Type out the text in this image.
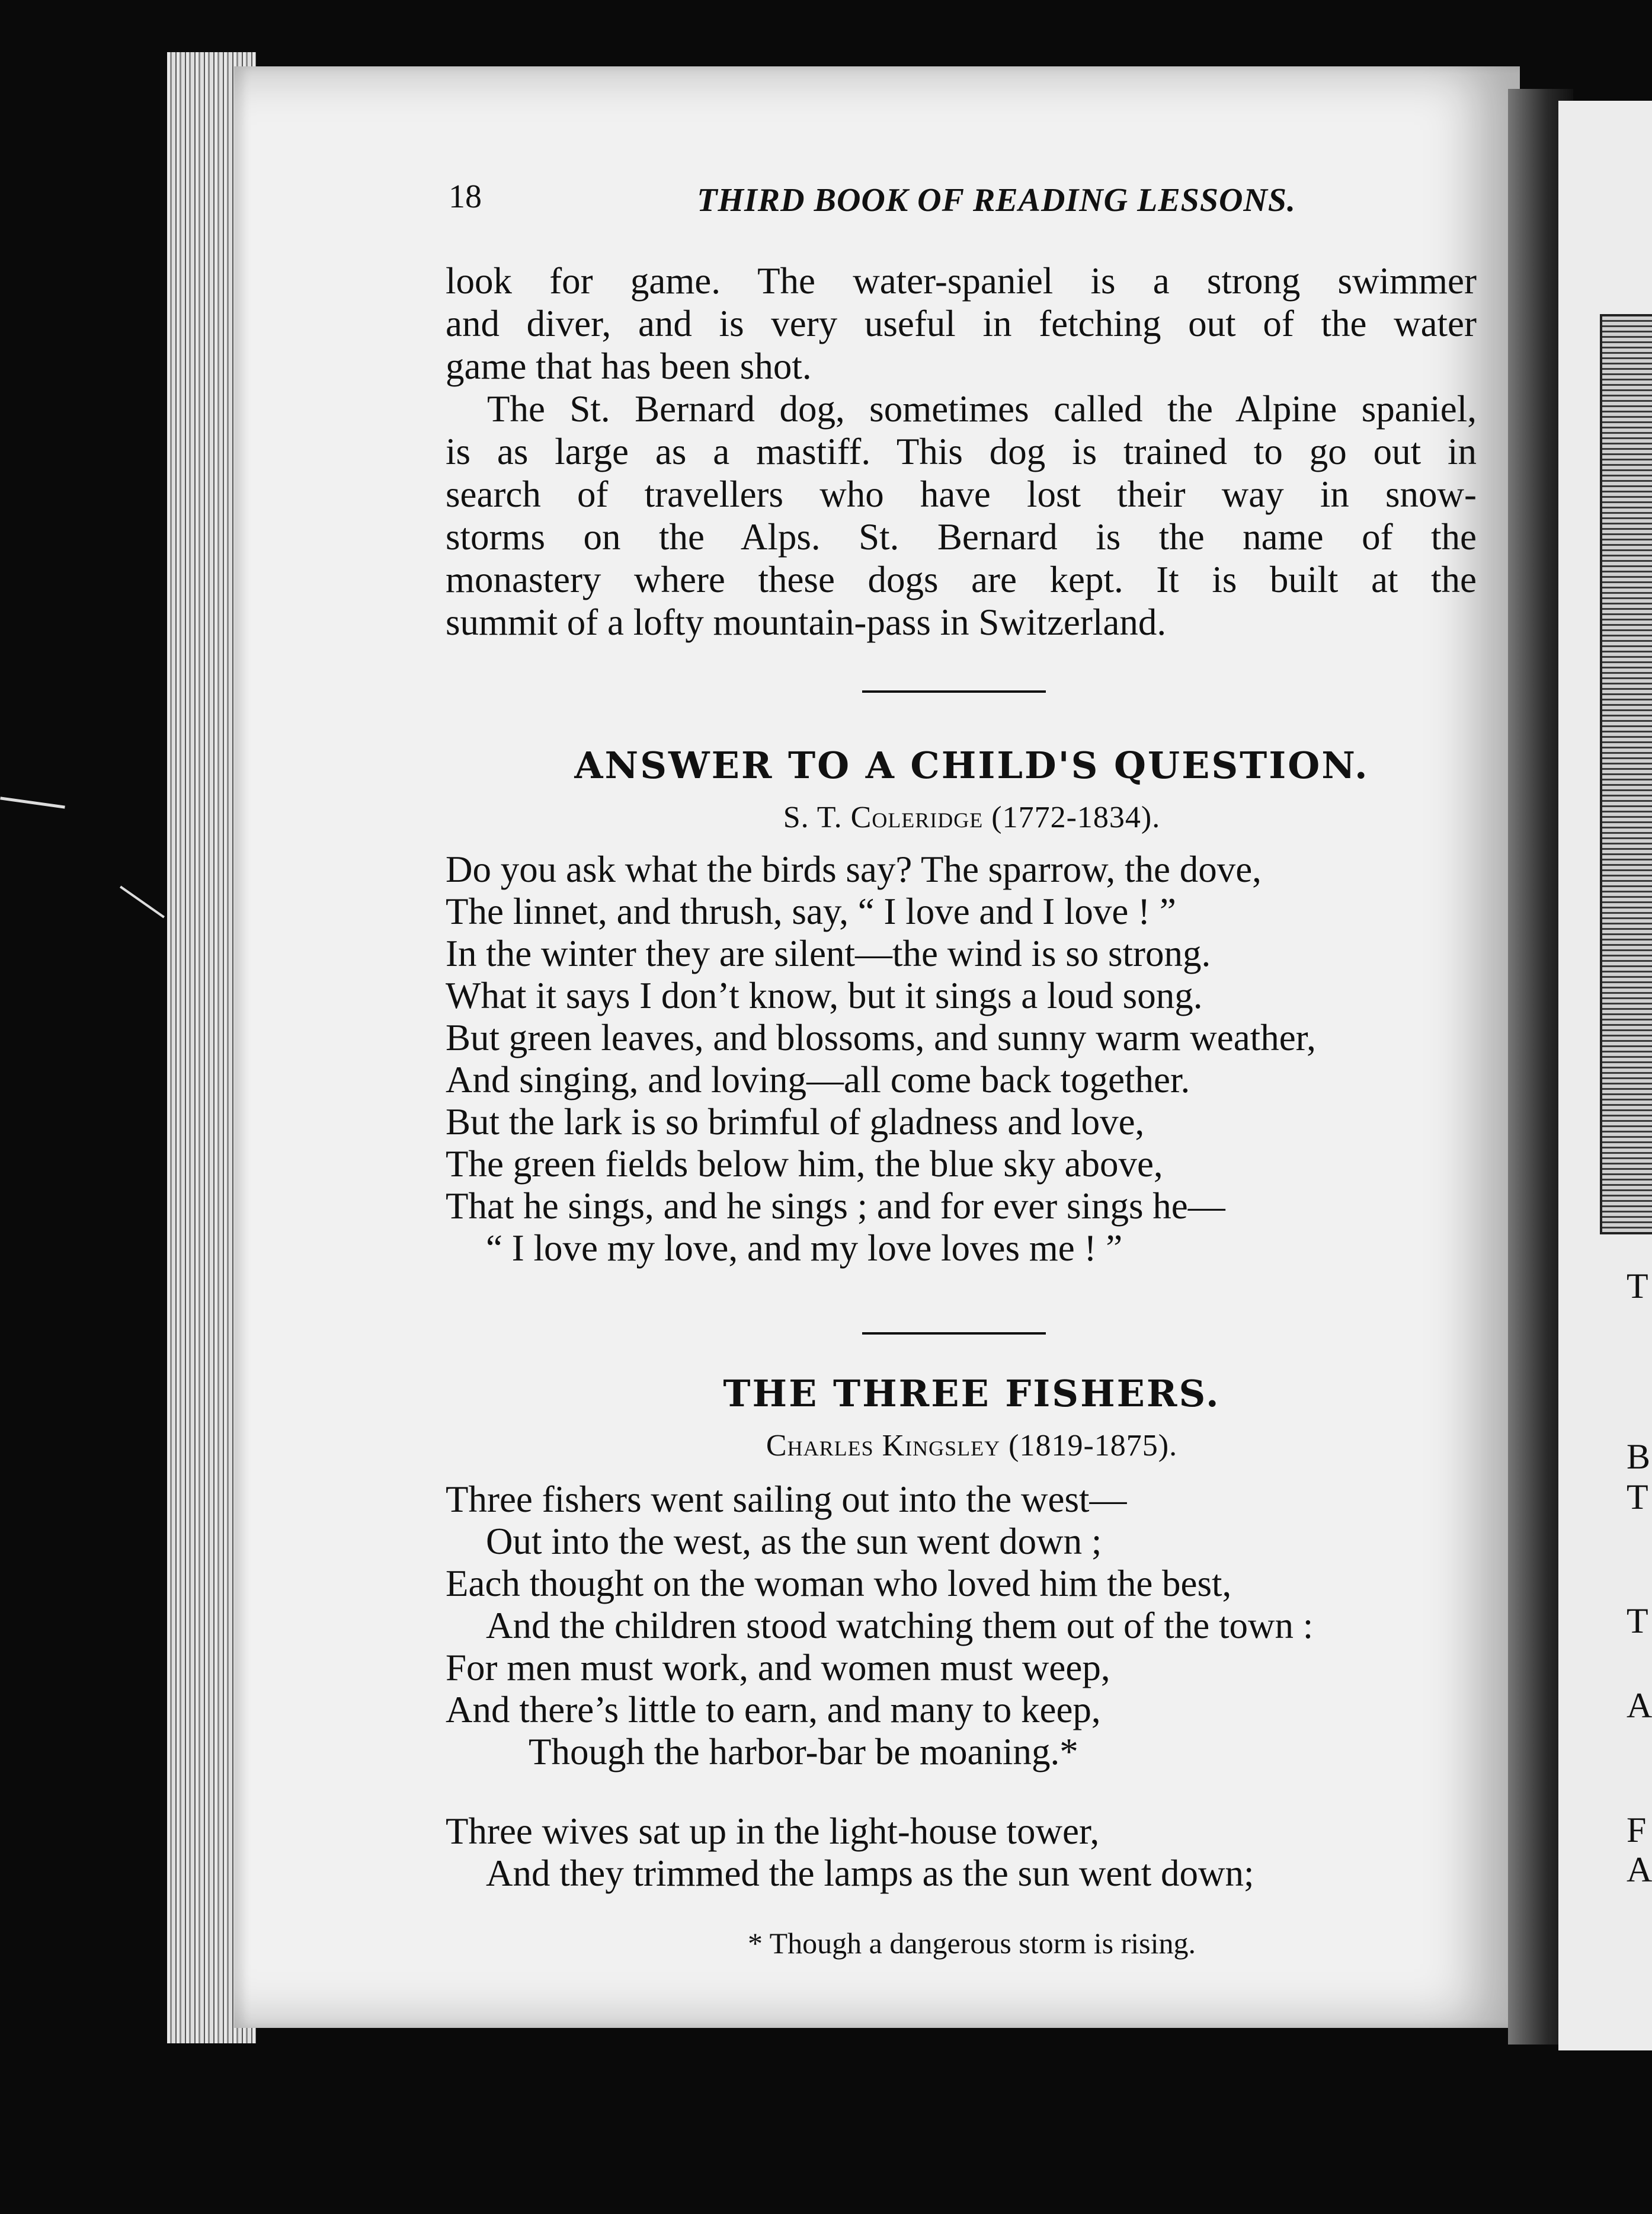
T
B
T
T
A
F
A
18	THIRD BOOK OF READING LESSONS.

look for game. The water-spaniel is a strong swimmer

and diver, and is very useful in fetching out of the water

game that has been shot.

The St. Bernard dog, sometimes called the Alpine spaniel,

is as large as a mastiff. This dog is trained to go out in

search of travellers who have lost their way in snow-

storms on the Alps. St. Bernard is the name of the

monastery where these dogs are kept. It is built at the

summit of a lofty mountain-pass in Switzerland.

ANSWER TO A CHILD'S QUESTION.
S. T. Coleridge (1772-1834).

Do you ask what the birds say? The sparrow, the dove,

The linnet, and thrush, say, “ I love and I love ! ”

In the winter they are silent—the wind is so strong.

What it says I don’t know, but it sings a loud song.

But green leaves, and blossoms, and sunny warm weather,

And singing, and loving—all come back together.

But the lark is so brimful of gladness and love,

The green fields below him, the blue sky above,

That he sings, and he sings ; and for ever sings he—

“ I love my love, and my love loves me ! ”

THE THREE FISHERS.
Charles Kingsley (1819-1875).

Three fishers went sailing out into the west—

Out into the west, as the sun went down ;

Each thought on the woman who loved him the best,

And the children stood watching them out of the town :

For men must work, and women must weep,

And there’s little to earn, and many to keep,

Though the harbor-bar be moaning.*

Three wives sat up in the light-house tower,

And they trimmed the lamps as the sun went down;

* Though a dangerous storm is rising.
